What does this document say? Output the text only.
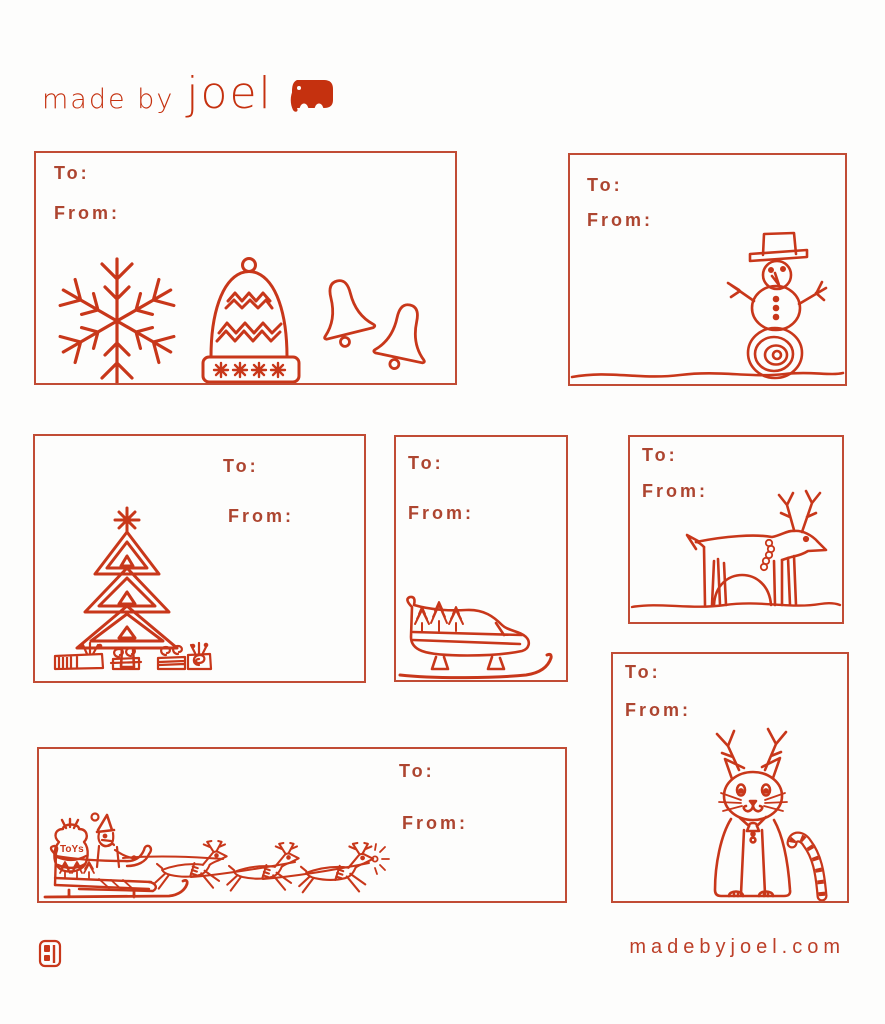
made by joel
To:
From:
To:
From:
To:
From:
To:
From:
To:
From:
To:
From:
ToYs
To:
From:
madebyjoel.com
